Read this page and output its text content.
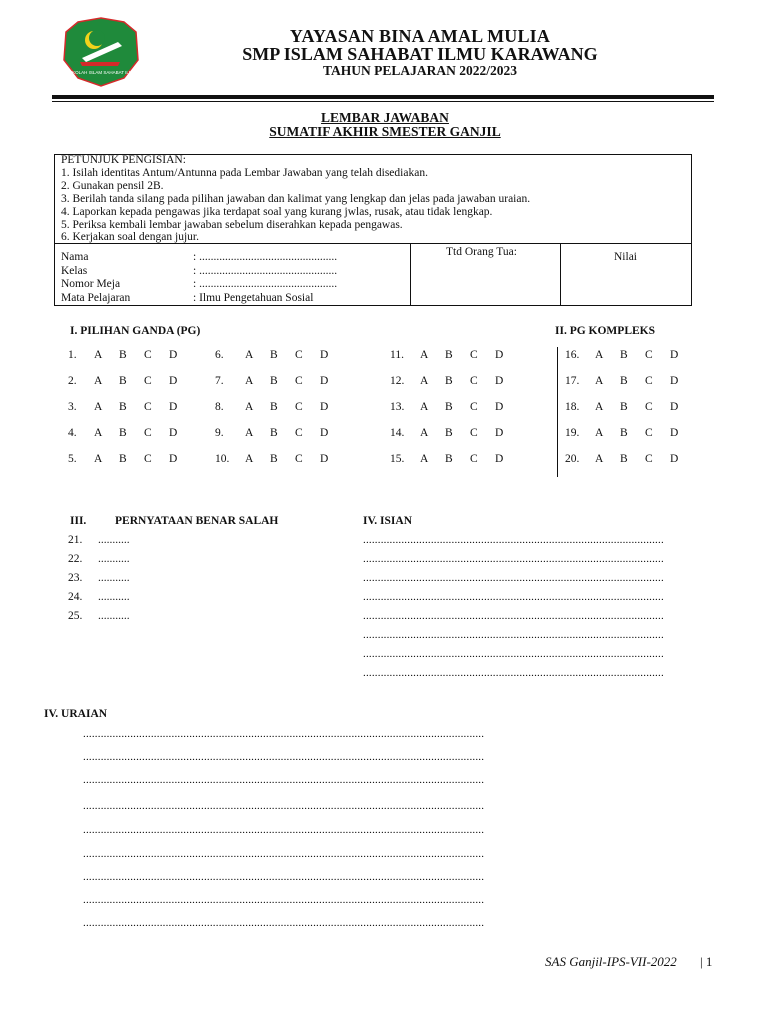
SEKOLAH ISLAM SAHABAT ILMU
YAYASAN BINA AMAL MULIA
SMP ISLAM SAHABAT ILMU KARAWANG
TAHUN PELAJARAN 2022/2023
LEMBAR JAWABAN
SUMATIF AKHIR SMESTER GANJIL
PETUNJUK PENGISIAN:
1. Isilah identitas Antum/Antunna pada Lembar Jawaban yang telah disediakan.
2. Gunakan pensil 2B.
3. Berilah tanda silang pada pilihan jawaban dan kalimat yang lengkap dan jelas pada jawaban uraian.
4. Laporkan kepada pengawas jika terdapat soal yang kurang jwlas, rusak, atau tidak lengkap.
5. Periksa kembali lembar jawaban sebelum diserahkan kepada pengawas.
6. Kerjakan soal dengan jujur.
Nama	: ................................................
Kelas	: ................................................
Nomor Meja	: ................................................
Mata Pelajaran	: Ilmu Pengetahuan Sosial
Ttd Orang Tua:	Nilai
I. PILIHAN GANDA (PG)	II. PG KOMPLEKS
1. A B C D
2. A B C D
3. A B C D
4. A B C D
5. A B C D
6. A B C D
7. A B C D
8. A B C D
9. A B C D
10. A B C D
11. A B C D
12. A B C D
13. A B C D
14. A B C D
15. A B C D
16. A B C D
17. A B C D
18. A B C D
19. A B C D
20. A B C D
III. PERNYATAAN BENAR SALAH
21. ...........
22. ...........
23. ...........
24. ...........
25. ...........
IV. ISIAN
......................................................................................................
......................................................................................................
......................................................................................................
......................................................................................................
......................................................................................................
......................................................................................................
......................................................................................................
......................................................................................................
IV. URAIAN
........................................................................................................................................
........................................................................................................................................
........................................................................................................................................
........................................................................................................................................
........................................................................................................................................
........................................................................................................................................
........................................................................................................................................
........................................................................................................................................
........................................................................................................................................
SAS Ganjil-IPS-VII-2022 | 1
